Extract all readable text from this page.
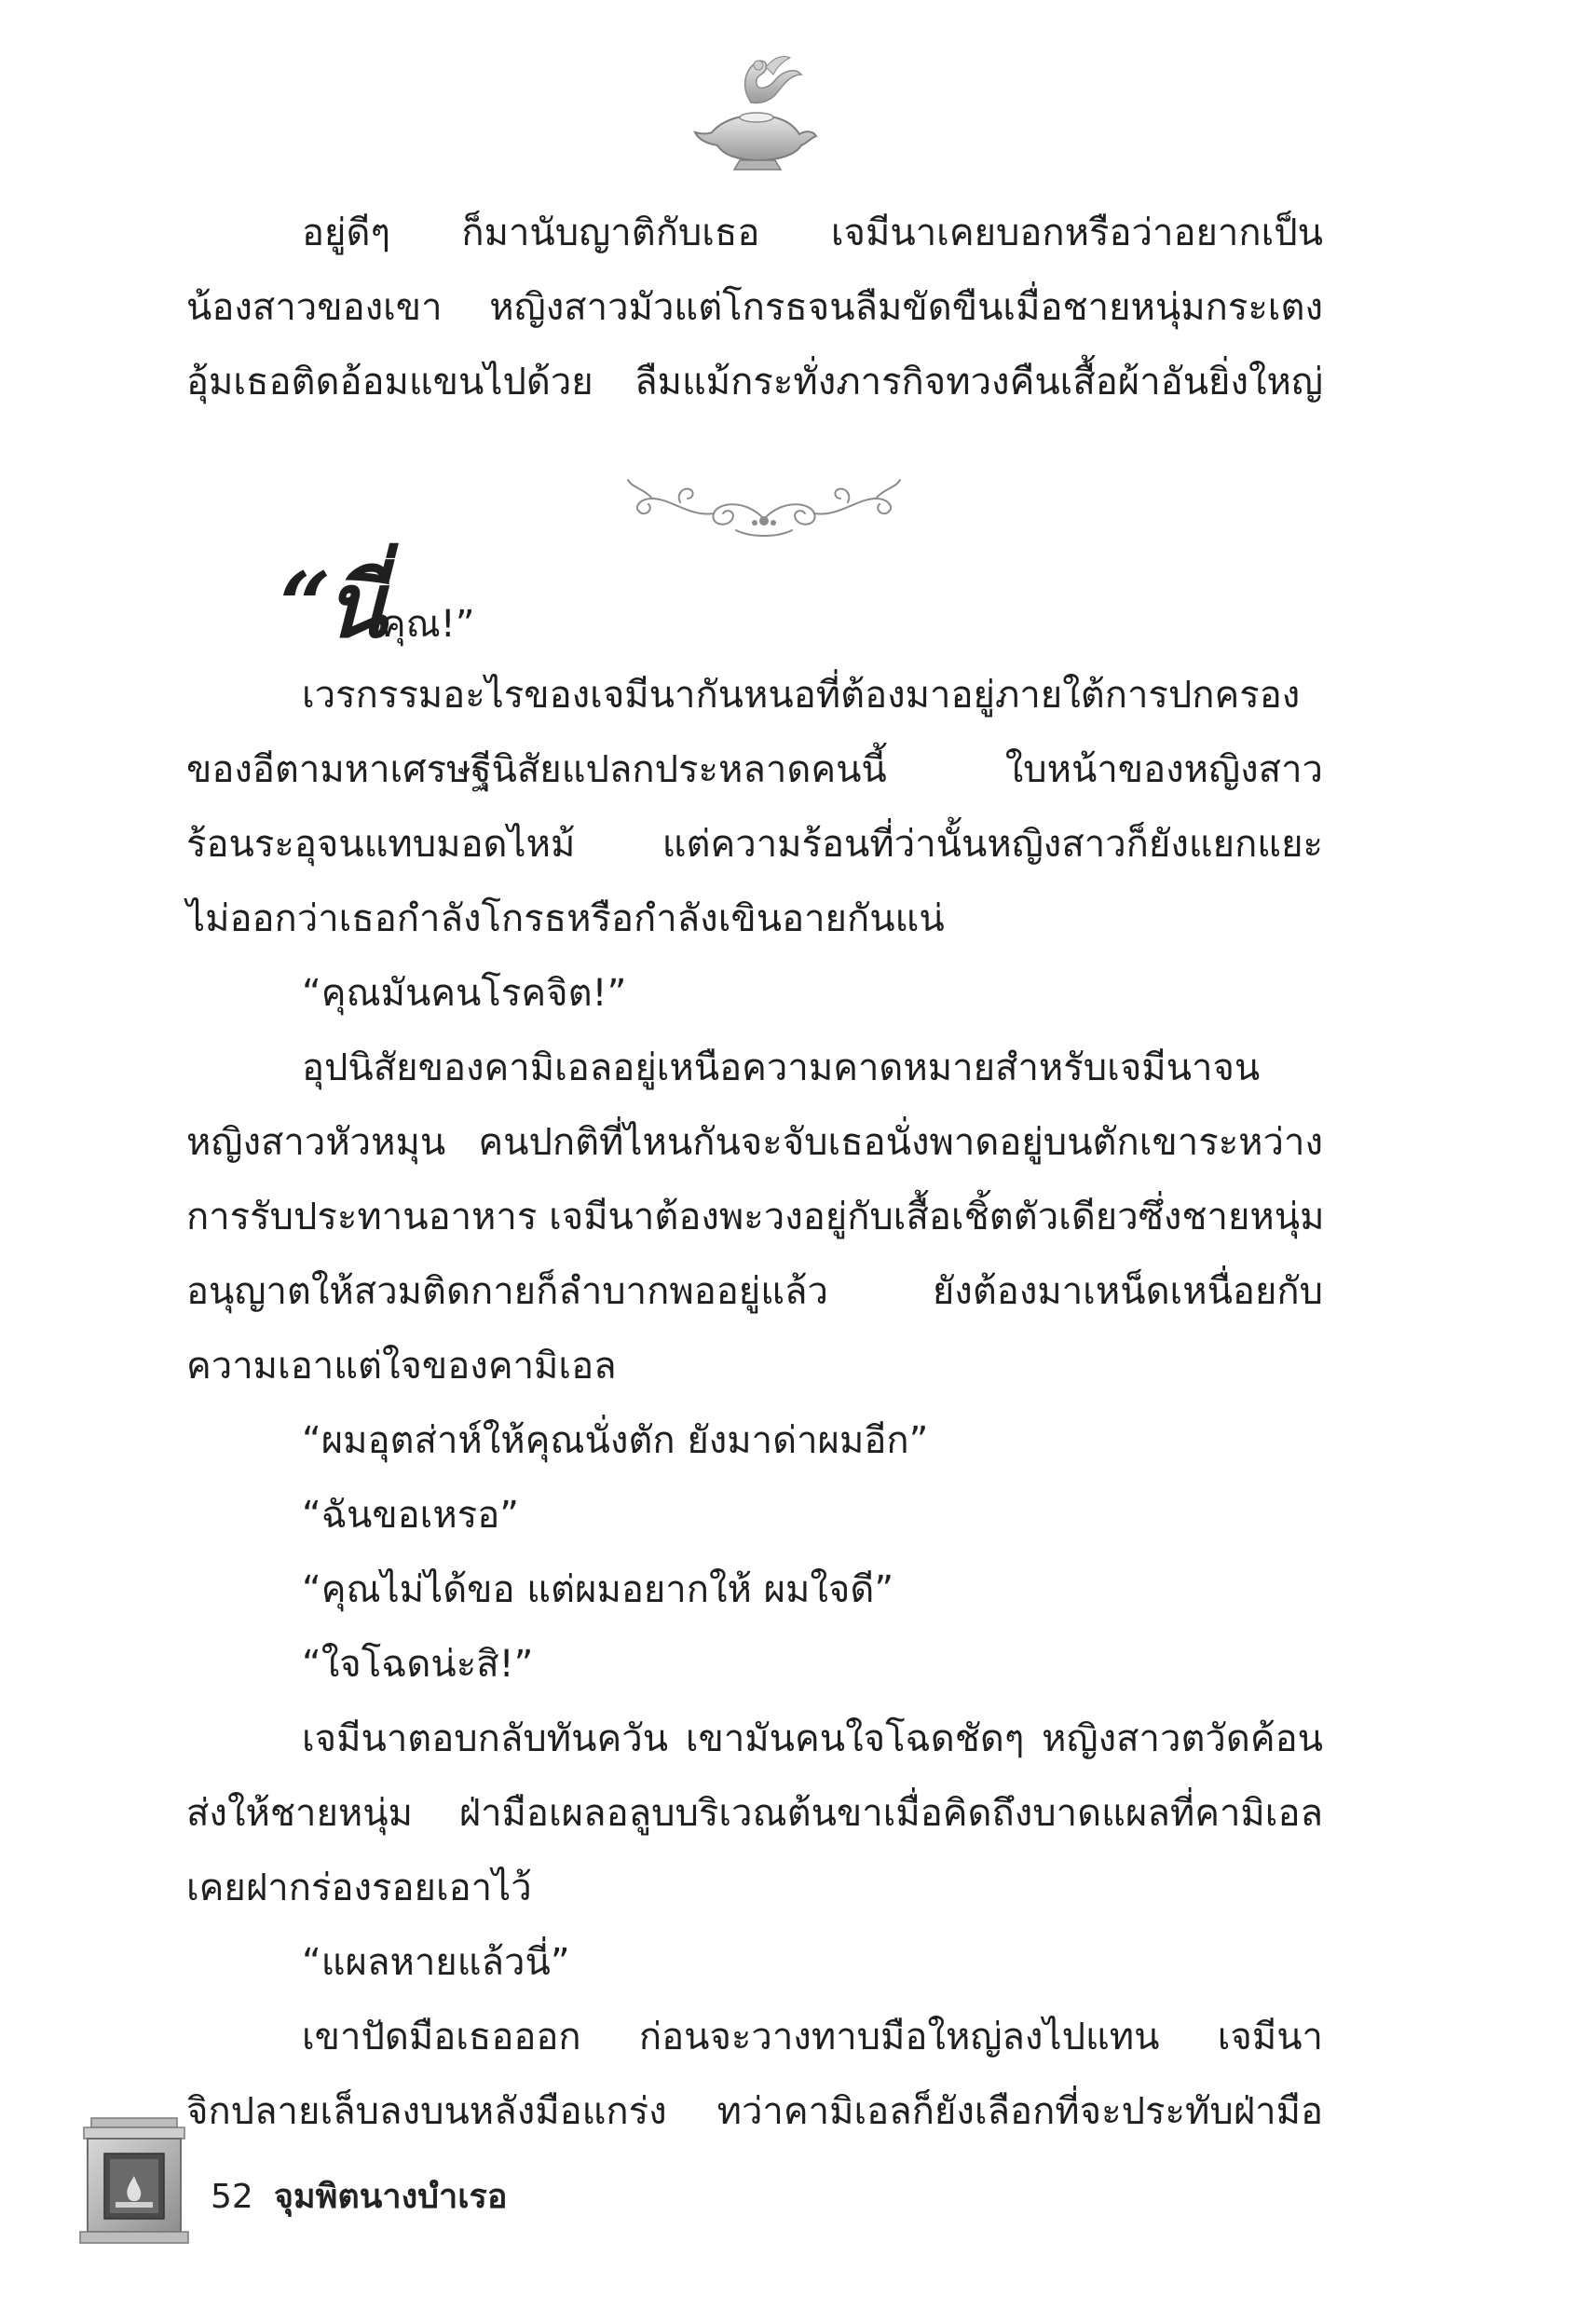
อยู่ดีๆ ก็มานับญาติกับเธอ เจมีนาเคยบอกหรือว่าอยากเป็น
น้องสาวของเขา หญิงสาวมัวแต่โกรธจนลืมขัดขืนเมื่อชายหนุ่มกระเตง
อุ้มเธอติดอ้อมแขนไปด้วย ลืมแม้กระทั่งภารกิจทวงคืนเสื้อผ้าอันยิ่งใหญ่
“นี่คุณ!”
เวรกรรมอะไรของเจมีนากันหนอที่ต้องมาอยู่ภายใต้การปกครอง
ของอีตามหาเศรษฐีนิสัยแปลกประหลาดคนนี้ ใบหน้าของหญิงสาว
ร้อนระอุจนแทบมอดไหม้ แต่ความร้อนที่ว่านั้นหญิงสาวก็ยังแยกแยะ
ไม่ออกว่าเธอกำลังโกรธหรือกำลังเขินอายกันแน่
“คุณมันคนโรคจิต!”
อุปนิสัยของคามิเอลอยู่เหนือความคาดหมายสำหรับเจมีนาจน
หญิงสาวหัวหมุน คนปกติที่ไหนกันจะจับเธอนั่งพาดอยู่บนตักเขาระหว่าง
การรับประทานอาหาร เจมีนาต้องพะวงอยู่กับเสื้อเชิ้ตตัวเดียวซึ่งชายหนุ่ม
อนุญาตให้สวมติดกายก็ลำบากพออยู่แล้ว ยังต้องมาเหน็ดเหนื่อยกับ
ความเอาแต่ใจของคามิเอล
“ผมอุตส่าห์ให้คุณนั่งตัก ยังมาด่าผมอีก”
“ฉันขอเหรอ”
“คุณไม่ได้ขอ แต่ผมอยากให้ ผมใจดี”
“ใจโฉดน่ะสิ!”
เจมีนาตอบกลับทันควัน เขามันคนใจโฉดชัดๆ หญิงสาวตวัดค้อน
ส่งให้ชายหนุ่ม ฝ่ามือเผลอลูบบริเวณต้นขาเมื่อคิดถึงบาดแผลที่คามิเอล
เคยฝากร่องรอยเอาไว้
“แผลหายแล้วนี่”
เขาปัดมือเธอออก ก่อนจะวางทาบมือใหญ่ลงไปแทน เจมีนา
จิกปลายเล็บลงบนหลังมือแกร่ง ทว่าคามิเอลก็ยังเลือกที่จะประทับฝ่ามือ
52 จุมพิตนางบำเรอ
